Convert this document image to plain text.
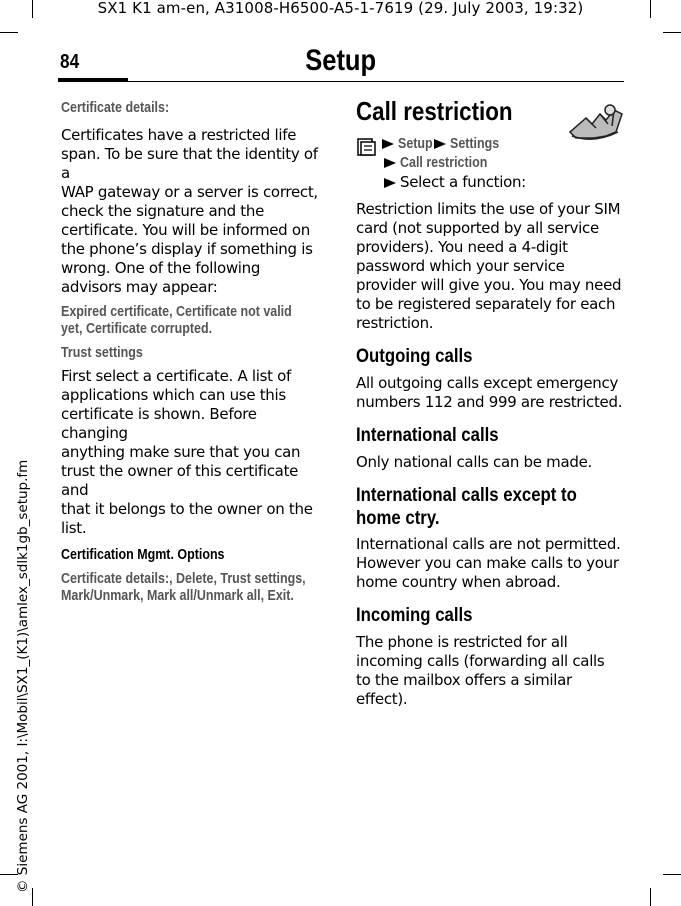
SX1 K1 am-en, A31008-H6500-A5-1-7619 (29. July 2003, 19:32)
84	Setup
© Siemens AG 2001, I:\Mobil\SX1_(K1)\amlex_sdlk1gb_setup.fm
Certificate details:
Certificates have a restricted life
span. To be sure that the identity of a
WAP gateway or a server is correct,
check the signature and the
certificate. You will be informed on
the phone’s display if something is
wrong. One of the following
advisors may appear:
Expired certificate, Certificate not valid
yet, Certificate corrupted.
Trust settings
First select a certificate. A list of
applications which can use this
certificate is shown. Before changing
anything make sure that you can
trust the owner of this certificate and
that it belongs to the owner on the
list.
Certification Mgmt. Options
Certificate details:, Delete, Trust settings,
Mark/Unmark, Mark all/Unmark all, Exit.
Call restriction
Setup Settings
Call restriction
Select a function:
Restriction limits the use of your SIM
card (not supported by all service
providers). You need a 4-digit
password which your service
provider will give you. You may need
to be registered separately for each
restriction.
Outgoing calls
All outgoing calls except emergency
numbers 112 and 999 are restricted.
International calls
Only national calls can be made.
International calls except to
home ctry.
International calls are not permitted.
However you can make calls to your
home country when abroad.
Incoming calls
The phone is restricted for all
incoming calls (forwarding all calls
to the mailbox offers a similar
effect).
